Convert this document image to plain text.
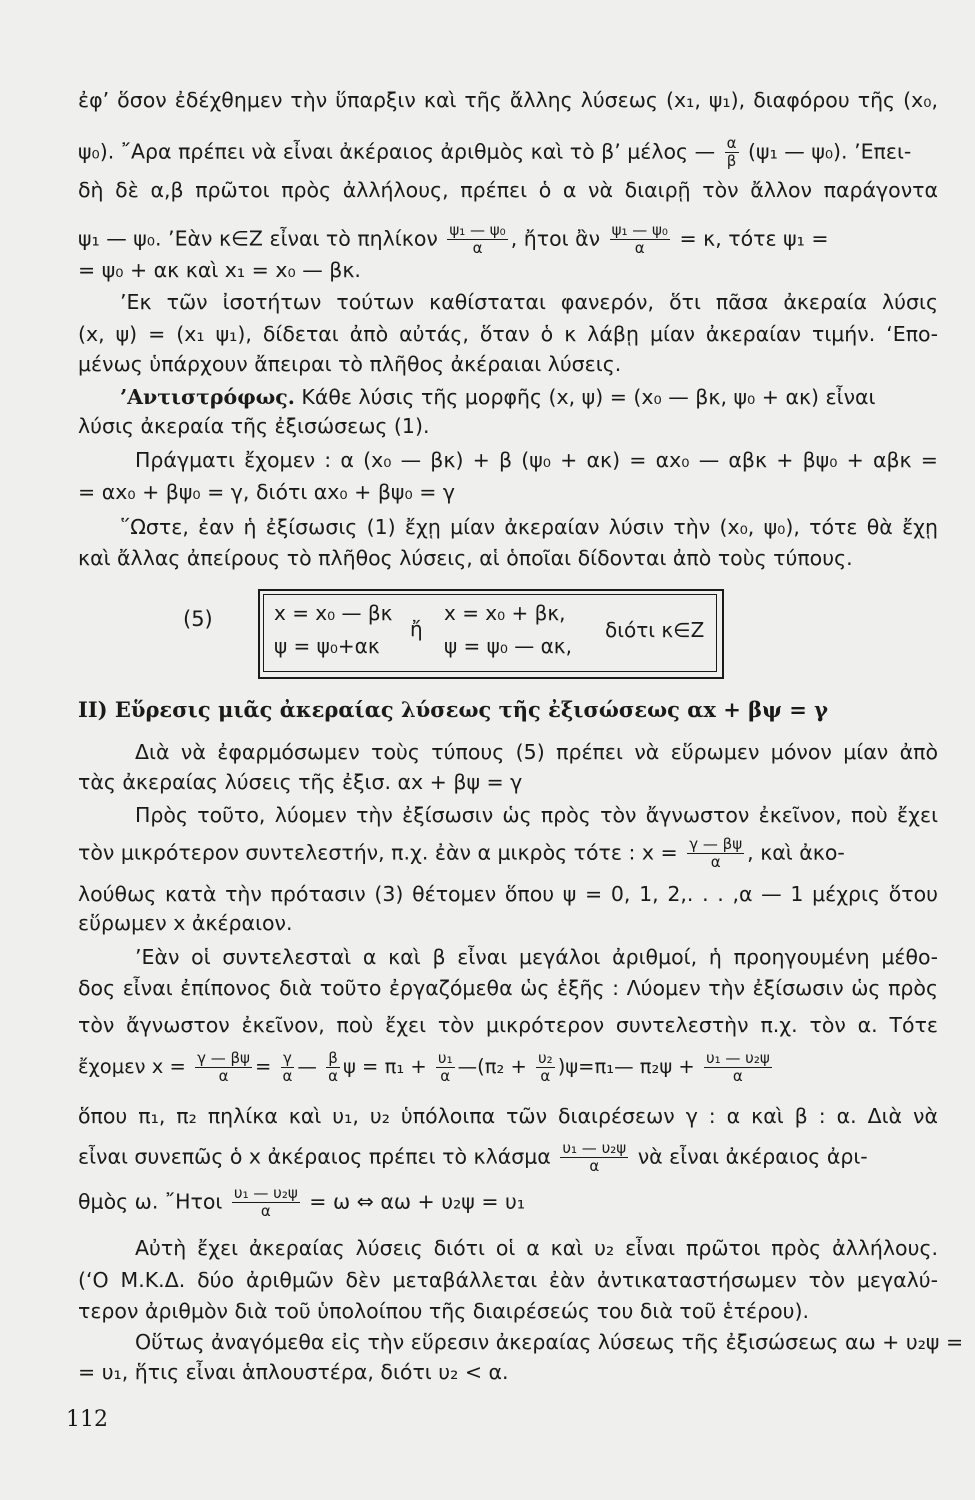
ἐφ’ ὅσον ἐδέχθημεν τὴν ὕπαρξιν καὶ τῆς ἄλλης λύσεως (x₁, ψ₁), διαφόρου τῆς (x₀,
ψ₀). ῎Αρα πρέπει νὰ εἶναι ἀκέραιος ἀριθμὸς καὶ τὸ β’ μέλος — $\frac{\alpha}{\beta} (\psi_1$ — ψ₀). ’Επει-
δὴ δὲ α,β πρῶτοι πρὸς ἀλλήλους, πρέπει ὁ α νὰ διαιρῇ τὸν ἄλλον παράγοντα
ψ₁ — ψ₀. ’Εὰν κ∈Z εἶναι τὸ πηλίκον $\frac{\text{ψ₁ — ψ₀}}{\alpha}$ , ἤτοι ἂν $\frac{\text{ψ₁ — ψ₀}}{\alpha} = \kappa$, τότε ψ₁ =
= ψ₀ + ακ καὶ x₁ = x₀ — βκ.
’Εκ τῶν ἰσοτήτων τούτων καθίσταται φανερόν, ὅτι πᾶσα ἀκεραία λύσις
(x, ψ) = (x₁ ψ₁), δίδεται ἀπὸ αὐτάς, ὅταν ὁ κ λάβῃ μίαν ἀκεραίαν τιμήν. ‘Επο-
μένως ὑπάρχουν ἄπειραι τὸ πλῆθος ἀκέραιαι λύσεις.
’Αντιστρόφως. Κάθε λύσις τῆς μορφῆς (x, ψ) = (x₀ — βκ, ψ₀ + ακ) εἶναι
λύσις ἀκεραία τῆς ἐξισώσεως (1).
Πράγματι ἔχομεν : α (x₀ — βκ) + β (ψ₀ + ακ) = αx₀ — αβκ + βψ₀ + αβκ =
= αx₀ + βψ₀ = γ, διότι αx₀ + βψ₀ = γ
῞Ωστε, ἐαν ἡ ἐξίσωσις (1) ἔχῃ μίαν ἀκεραίαν λύσιν τὴν (x₀, ψ₀), τότε θὰ ἔχῃ
καὶ ἄλλας ἀπείρους τὸ πλῆθος λύσεις, αἱ ὁποῖαι δίδονται ἀπὸ τοὺς τύπους.
(5)	x = x₀ — βκ
ψ = ψ₀+ακ
ἤ
x = x₀ + βκ,
ψ = ψ₀ — ακ,
διότι κ∈Z
II) Εὕρεσις μιᾶς ἀκεραίας λύσεως τῆς ἐξισώσεως αx + βψ = γ
Διὰ νὰ ἐφαρμόσωμεν τοὺς τύπους (5) πρέπει νὰ εὕρωμεν μόνον μίαν ἀπὸ
τὰς ἀκεραίας λύσεις τῆς ἐξισ. αx + βψ = γ
Πρὸς τοῦτο, λύομεν τὴν ἐξίσωσιν ὡς πρὸς τὸν ἄγνωστον ἐκεῖνον, ποὺ ἔχει
τὸν μικρότερον συντελεστήν, π.χ. ἐὰν α μικρὸς τότε : $x = \frac{\gamma — \beta\psi}{\alpha}$ , καὶ ἀκο-
λούθως κατὰ τὴν πρότασιν (3) θέτομεν ὅπου ψ = 0, 1, 2,. . . ,α — 1 μέχρις ὅτου
εὕρωμεν x ἀκέραιον.
’Εὰν οἱ συντελεσταὶ α καὶ β εἶναι μεγάλοι ἀριθμοί, ἡ προηγουμένη μέθο-
δος εἶναι ἐπίπονος διὰ τοῦτο ἐργαζόμεθα ὡς ἑξῆς : Λύομεν τὴν ἐξίσωσιν ὡς πρὸς
τὸν ἄγνωστον ἐκεῖνον, ποὺ ἔχει τὸν μικρότερον συντελεστὴν π.χ. τὸν α. Τότε
ἔχομεν $x = \frac{\gamma — \beta\psi}{\alpha} = \frac{\gamma}{\alpha}$ — $\frac{\beta}{\alpha}$ $\psi = \pi_1 + \frac{\text{υ₁}}{\alpha}$ —(π₂ + $\frac{\text{υ₂}}{\alpha}$ )ψ=π₁— $\pi_2\psi + \frac{\text{υ₁ — υ₂ψ}}{\alpha}$
ὅπου π₁, π₂ πηλίκα καὶ υ₁, υ₂ ὑπόλοιπα τῶν διαιρέσεων γ : α καὶ β : α. Διὰ νὰ
εἶναι συνεπῶς ὁ x ἀκέραιος πρέπει τὸ κλάσμα $\frac{\text{υ₁ — υ₂ψ}}{\alpha}$ νὰ εἶναι ἀκέραιος ἀρι-
θμὸς ω. ῎Ητοι $\frac{\text{υ₁ — υ₂ψ}}{\alpha} = \omega$ ⇔ αω + υ₂ψ = υ₁
Αὐτὴ ἔχει ἀκεραίας λύσεις διότι οἱ α καὶ υ₂ εἶναι πρῶτοι πρὸς ἀλλήλους.
(‘Ο Μ.Κ.Δ. δύο ἀριθμῶν δὲν μεταβάλλεται ἐὰν ἀντικαταστήσωμεν τὸν μεγαλύ-
τερον ἀριθμὸν διὰ τοῦ ὑπολοίπου τῆς διαιρέσεώς του διὰ τοῦ ἑτέρου).
Οὕτως ἀναγόμεθα εἰς τὴν εὕρεσιν ἀκεραίας λύσεως τῆς ἐξισώσεως αω + υ₂ψ =
= υ₁, ἥτις εἶναι ἁπλουστέρα, διότι υ₂ < α.
112
